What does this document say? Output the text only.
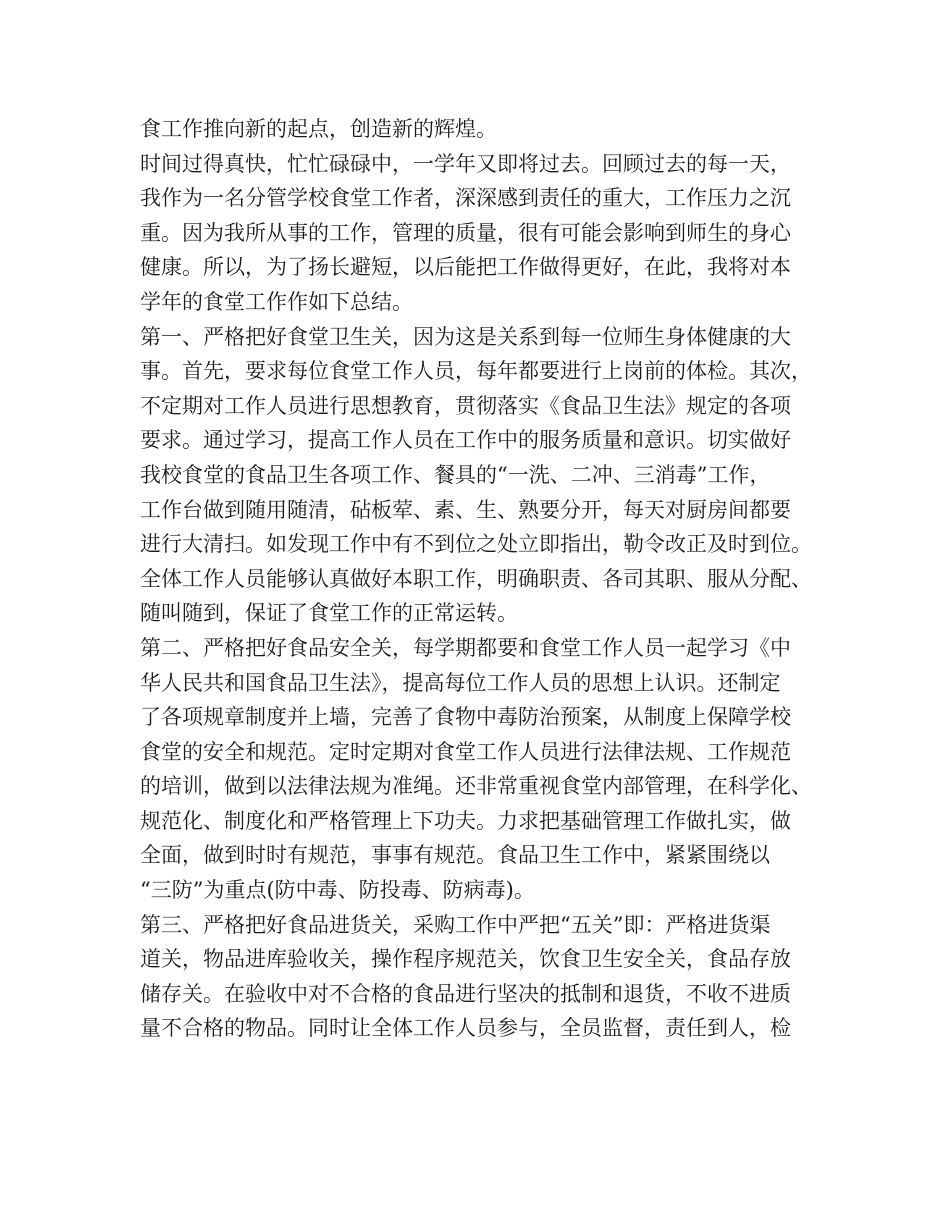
食工作推向新的起点，创造新的辉煌。
时间过得真快，忙忙碌碌中，一学年又即将过去。回顾过去的每一天，
我作为一名分管学校食堂工作者，深深感到责任的重大，工作压力之沉
重。因为我所从事的工作，管理的质量，很有可能会影响到师生的身心
健康。所以，为了扬长避短，以后能把工作做得更好，在此，我将对本
学年的食堂工作作如下总结。
第一、严格把好食堂卫生关，因为这是关系到每一位师生身体健康的大
事。首先，要求每位食堂工作人员，每年都要进行上岗前的体检。其次，
不定期对工作人员进行思想教育，贯彻落实《食品卫生法》规定的各项
要求。通过学习，提高工作人员在工作中的服务质量和意识。切实做好
我校食堂的食品卫生各项工作、餐具的“一洗、二冲、三消毒”工作，
工作台做到随用随清，砧板荤、素、生、熟要分开，每天对厨房间都要
进行大清扫。如发现工作中有不到位之处立即指出，勒令改正及时到位。
全体工作人员能够认真做好本职工作，明确职责、各司其职、服从分配、
随叫随到，保证了食堂工作的正常运转。
第二、严格把好食品安全关，每学期都要和食堂工作人员一起学习《中
华人民共和国食品卫生法》，提高每位工作人员的思想上认识。还制定
了各项规章制度并上墙，完善了食物中毒防治预案，从制度上保障学校
食堂的安全和规范。定时定期对食堂工作人员进行法律法规、工作规范
的培训，做到以法律法规为准绳。还非常重视食堂内部管理，在科学化、
规范化、制度化和严格管理上下功夫。力求把基础管理工作做扎实，做
全面，做到时时有规范，事事有规范。食品卫生工作中，紧紧围绕以
“三防”为重点(防中毒、防投毒、防病毒)。
第三、严格把好食品进货关，采购工作中严把“五关”即：严格进货渠
道关，物品进库验收关，操作程序规范关，饮食卫生安全关，食品存放
储存关。在验收中对不合格的食品进行坚决的抵制和退货，不收不进质
量不合格的物品。同时让全体工作人员参与，全员监督，责任到人，检
